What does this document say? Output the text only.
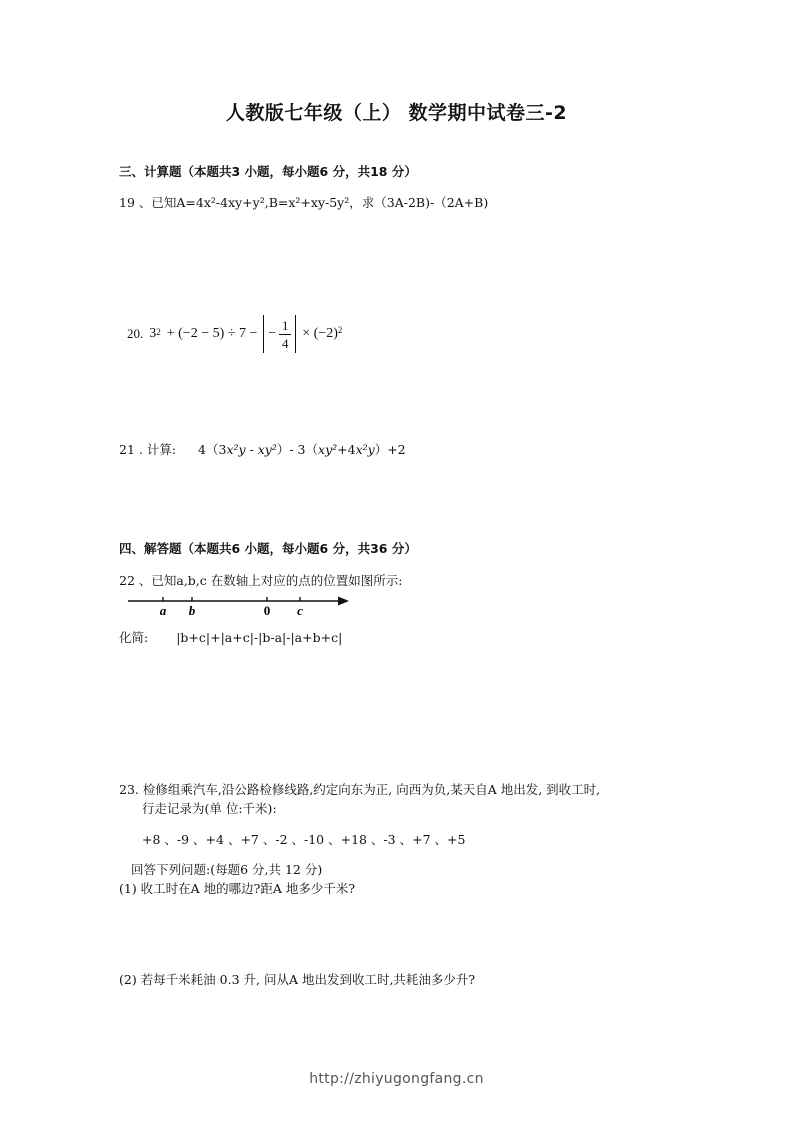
人教版七年级（上） 数学期中试卷三-2
三、计算题（本题共3 小题，每小题6 分，共18 分）
19 、已知A=4x²-4xy+y²,B=x²+xy-5y²，求（3A-2B)-（2A+B)
20. $3^2 + (-2 - 5) \div 7$ − −
1
4
× $(-2)^2$
21 . 计算: 4（3x²y - xy²）- 3（xy²+4x²y）+2
四、解答题（本题共6 小题，每小题6 分，共36 分）
22 、已知a,b,c 在数轴上对应的点的位置如图所示:
a b	0 c
化简: |b+c|+|a+c|-|b-a|-|a+b+c|
23. 检修组乘汽车,沿公路检修线路,约定向东为正, 向西为负,某天自A 地出发, 到收工时,
行走记录为(单 位:千米):
+8 、-9 、+4 、+7 、-2 、-10 、+18 、-3 、+7 、+5
回答下列问题:(每题6 分,共 12 分)
(1) 收工时在A 地的哪边?距A 地多少千米?
(2) 若每千米耗油 0.3 升, 问从A 地出发到收工时,共耗油多少升?
http://zhiyugongfang.cn
